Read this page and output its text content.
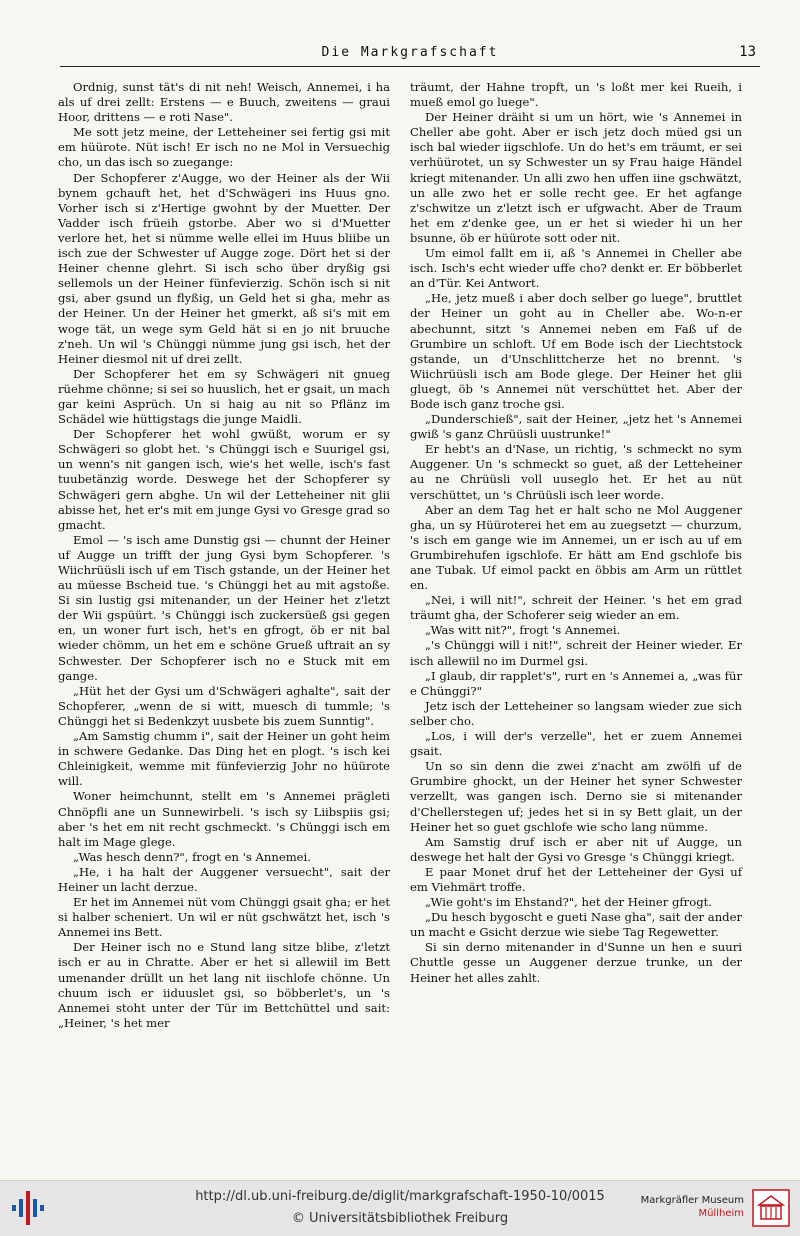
Die Markgrafschaft	13

Ordnig, sunst tät's di nit neh! Weisch, Annemei, i ha als uf drei zellt: Erstens — e Buuch, zweitens — graui Hoor, drittens — e roti Nase".

Me sott jetz meine, der Letteheiner sei fertig gsi mit em hüürote. Nüt isch! Er isch no ne Mol in Versuechig cho, un das isch so zuegange:

Der Schopferer z'Augge, wo der Heiner als der Wii bynem gchauft het, het d'Schwägeri ins Huus gno. Vorher isch si z'Hertige gwohnt by der Muetter. Der Vadder isch früeih gstorbe. Aber wo si d'Muetter verlore het, het si nümme welle ellei im Huus bliibe un isch zue der Schwester uf Augge zoge. Dört het si der Heiner chenne glehrt. Si isch scho über dryßig gsi sellemols un der Heiner fünfevierzig. Schön isch si nit gsi, aber gsund un flyßig, un Geld het si gha, mehr as der Heiner. Un der Heiner het gmerkt, aß si's mit em woge tät, un wege sym Geld hät si en jo nit bruuche z'neh. Un wil 's Chünggi nümme jung gsi isch, het der Heiner diesmol nit uf drei zellt.

Der Schopferer het em sy Schwägeri nit gnueg rüehme chönne; si sei so huuslich, het er gsait, un mach gar keini Asprüch. Un si haig au nit so Pflänz im Schädel wie hüttigstags die junge Maidli.

Der Schopferer het wohl gwüßt, worum er sy Schwägeri so globt het. 's Chünggi isch e Suurigel gsi, un wenn's nit gangen isch, wie's het welle, isch's fast tuubetänzig worde. Deswege het der Schopferer sy Schwägeri gern abghe. Un wil der Letteheiner nit glii abisse het, het er's mit em junge Gysi vo Gresge grad so gmacht.

Emol — 's isch ame Dunstig gsi — chunnt der Heiner uf Augge un trifft der jung Gysi bym Schopferer. 's Wiichrüüsli isch uf em Tisch gstande, un der Heiner het au müesse Bscheid tue. 's Chünggi het au mit agstoße. Si sin lustig gsi mitenander, un der Heiner het z'letzt der Wii gspüürt. 's Chünggi isch zuckersüeß gsi gegen en, un woner furt isch, het's en gfrogt, öb er nit bal wieder chömm, un het em e schöne Grueß uftrait an sy Schwester. Der Schopferer isch no e Stuck mit em gange.

„Hüt het der Gysi um d'Schwägeri aghalte", sait der Schopferer, „wenn de si witt, muesch di tummle; 's Chünggi het si Bedenkzyt uusbete bis zuem Sunntig".

„Am Samstig chumm i", sait der Heiner un goht heim in schwere Gedanke. Das Ding het en plogt. 's isch kei Chleinigkeit, wemme mit fünfevierzig Johr no hüürote will.

Woner heimchunnt, stellt em 's Annemei prägleti Chnöpfli ane un Sunnewirbeli. 's isch sy Liibspiis gsi; aber 's het em nit recht gschmeckt. 's Chünggi isch em halt im Mage glege.

„Was hesch denn?", frogt en 's Annemei.

„He, i ha halt der Auggener versuecht", sait der Heiner un lacht derzue.

Er het im Annemei nüt vom Chünggi gsait gha; er het si halber scheniert. Un wil er nüt gschwätzt het, isch 's Annemei ins Bett.

Der Heiner isch no e Stund lang sitze blibe, z'letzt isch er au in Chratte. Aber er het si allewiil im Bett umenander drüllt un het lang nit iischlofe chönne. Un chuum isch er iiduuslet gsi, so böbberlet's, un 's Annemei stoht unter der Tür im Bettchüttel und sait: „Heiner, 's het mer

träumt, der Hahne tropft, un 's loßt mer kei Rueih, i mueß emol go luege".

Der Heiner dräiht si um un hört, wie 's Annemei in Cheller abe goht. Aber er isch jetz doch müed gsi un isch bal wieder iigschlofe. Un do het's em träumt, er sei verhüürotet, un sy Schwester un sy Frau haige Händel kriegt mitenander. Un alli zwo hen uffen iine gschwätzt, un alle zwo het er solle recht gee. Er het agfange z'schwitze un z'letzt isch er ufgwacht. Aber de Traum het em z'denke gee, un er het si wieder hi un her bsunne, öb er hüürote sott oder nit.

Um eimol fallt em ii, aß 's Annemei in Cheller abe isch. Isch's echt wieder uffe cho? denkt er. Er böbberlet an d'Tür. Kei Antwort.

„He, jetz mueß i aber doch selber go luege", bruttlet der Heiner un goht au in Cheller abe. Wo-n-er abechunnt, sitzt 's Annemei neben em Faß uf de Grumbire un schloft. Uf em Bode isch der Liechtstock gstande, un d'Unschlittcherze het no brennt. 's Wiichrüüsli isch am Bode glege. Der Heiner het glii gluegt, öb 's Annemei nüt verschüttet het. Aber der Bode isch ganz troche gsi.

„Dunderschieß", sait der Heiner, „jetz het 's Annemei gwiß 's ganz Chrüüsli uustrunke!"

Er hebt's an d'Nase, un richtig, 's schmeckt no sym Auggener. Un 's schmeckt so guet, aß der Letteheiner au ne Chrüüsli voll uuseglo het. Er het au nüt verschüttet, un 's Chrüüsli isch leer worde.

Aber an dem Tag het er halt scho ne Mol Auggener gha, un sy Hüüroterei het em au zuegsetzt — churzum, 's isch em gange wie im Annemei, un er isch au uf em Grumbirehufen igschlofe. Er hätt am End gschlofe bis ane Tubak. Uf eimol packt en öbbis am Arm un rüttlet en.

„Nei, i will nit!", schreit der Heiner. 's het em grad träumt gha, der Schoferer seig wieder an em.

„Was witt nit?", frogt 's Annemei.

„'s Chünggi will i nit!", schreit der Heiner wieder. Er isch allewiil no im Durmel gsi.

„I glaub, dir rapplet's", rurt en 's Annemei a, „was für e Chünggi?"

Jetz isch der Letteheiner so langsam wieder zue sich selber cho.

„Los, i will der's verzelle", het er zuem Annemei gsait.

Un so sin denn die zwei z'nacht am zwölfi uf de Grumbire ghockt, un der Heiner het syner Schwester verzellt, was gangen isch. Derno sie si mitenander d'Chellerstegen uf; jedes het si in sy Bett glait, un der Heiner het so guet gschlofe wie scho lang nümme.

Am Samstig druf isch er aber nit uf Augge, un deswege het halt der Gysi vo Gresge 's Chünggi kriegt.

E paar Monet druf het der Letteheiner der Gysi uf em Viehmärt troffe.

„Wie goht's im Ehstand?", het der Heiner gfrogt.

„Du hesch bygoscht e gueti Nase gha", sait der ander un macht e Gsicht derzue wie siebe Tag Regewetter.

Si sin derno mitenander in d'Sunne un hen e suuri Chuttle gesse un Auggener derzue trunke, un der Heiner het alles zahlt.

http://dl.ub.uni-freiburg.de/diglit/markgrafschaft-1950-10/0015
© Universitätsbibliothek Freiburg
Markgräfler Museum
Müllheim
